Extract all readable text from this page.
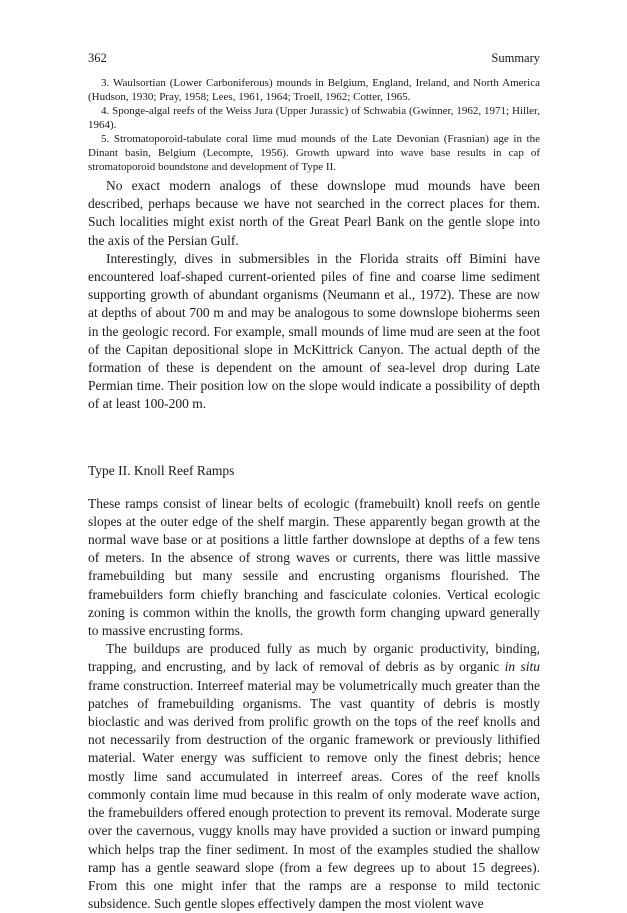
362	Summary

3. Waulsortian (Lower Carboniferous) mounds in Belgium, England, Ireland, and North America (Hudson, 1930; Pray, 1958; Lees, 1961, 1964; Troell, 1962; Cotter, 1965.

4. Sponge-algal reefs of the Weiss Jura (Upper Jurassic) of Schwabia (Gwinner, 1962, 1971; Hiller, 1964).

5. Stromatoporoid-tabulate coral lime mud mounds of the Late Devonian (Frasnian) age in the Dinant basin, Belgium (Lecompte, 1956). Growth upward into wave base results in cap of stromatoporoid boundstone and development of Type II.

No exact modern analogs of these downslope mud mounds have been described, perhaps because we have not searched in the correct places for them. Such localities might exist north of the Great Pearl Bank on the gentle slope into the axis of the Persian Gulf.

Interestingly, dives in submersibles in the Florida straits off Bimini have encountered loaf-shaped current-oriented piles of fine and coarse lime sediment supporting growth of abundant organisms (Neumann et al., 1972). These are now at depths of about 700 m and may be analogous to some downslope bioherms seen in the geologic record. For example, small mounds of lime mud are seen at the foot of the Capitan depositional slope in McKittrick Canyon. The actual depth of the formation of these is dependent on the amount of sea-level drop during Late Permian time. Their position low on the slope would indicate a possibility of depth of at least 100-200 m.

Type II. Knoll Reef Ramps

These ramps consist of linear belts of ecologic (framebuilt) knoll reefs on gentle slopes at the outer edge of the shelf margin. These apparently began growth at the normal wave base or at positions a little farther downslope at depths of a few tens of meters. In the absence of strong waves or currents, there was little massive framebuilding but many sessile and encrusting organisms flourished. The framebuilders form chiefly branching and fasciculate colonies. Vertical ecologic zoning is common within the knolls, the growth form changing upward generally to massive encrusting forms.

The buildups are produced fully as much by organic productivity, binding, trapping, and encrusting, and by lack of removal of debris as by organic in situ frame construction. Interreef material may be volumetrically much greater than the patches of framebuilding organisms. The vast quantity of debris is mostly bioclastic and was derived from prolific growth on the tops of the reef knolls and not necessarily from destruction of the organic framework or previously lithified material. Water energy was sufficient to remove only the finest debris; hence mostly lime sand accumulated in interreef areas. Cores of the reef knolls commonly contain lime mud because in this realm of only moderate wave action, the framebuilders offered enough protection to prevent its removal. Moderate surge over the cavernous, vuggy knolls may have provided a suction or inward pumping which helps trap the finer sediment. In most of the examples studied the shallow ramp has a gentle seaward slope (from a few degrees up to about 15 degrees). From this one might infer that the ramps are a response to mild tectonic subsidence. Such gentle slopes effectively dampen the most violent wave
